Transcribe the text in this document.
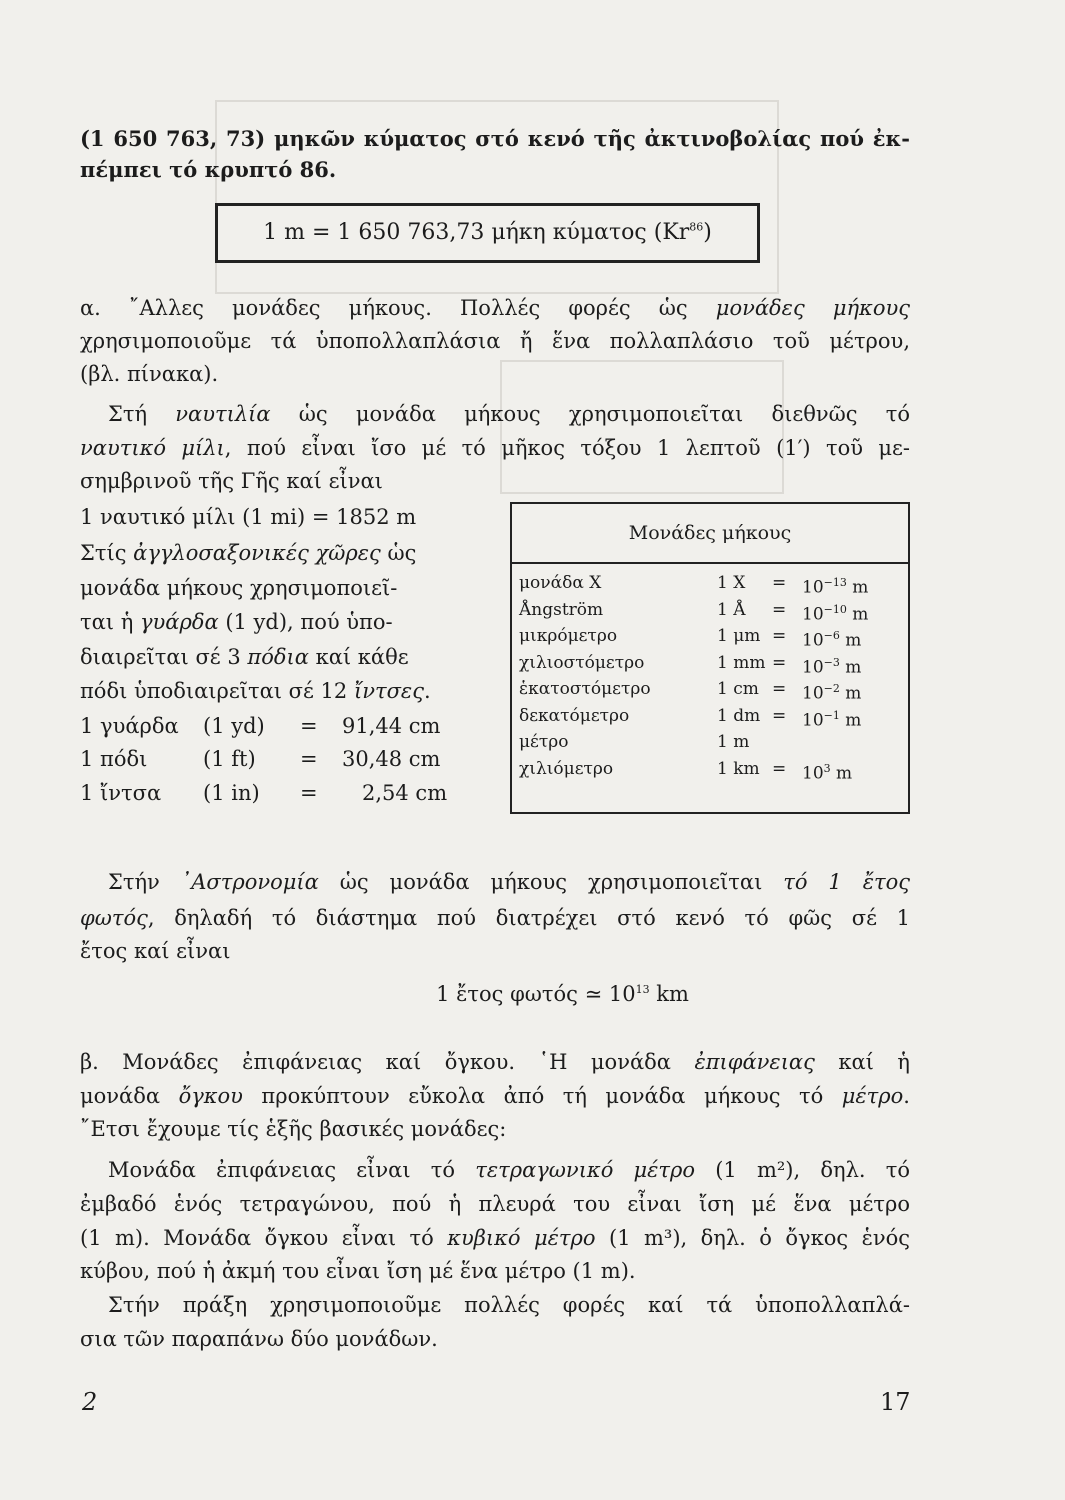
(1 650 763, 73) μηκῶν κύματος στό κενό τῆς ἀκτινοβολίας πού ἐκ-
πέμπει τό κρυπτό 86.
1 m = 1 650 763,73 μήκη κύματος (Kr$^{86}$)
α. ῎Αλλες μονάδες μήκους. Πολλές φορές ὡς μονάδες μήκους
χρησιμοποιοῦμε τά ὑποπολλαπλάσια ἤ ἕνα πολλαπλάσιο τοῦ μέτρου,
(βλ. πίνακα).
Στή ναυτιλία ὡς μονάδα μήκους χρησιμοποιεῖται διεθνῶς τό
ναυτικό μίλι, πού εἶναι ἴσο μέ τό μῆκος τόξου 1 λεπτοῦ (1′) τοῦ με-
σημβρινοῦ τῆς Γῆς καί εἶναι
1 ναυτικό μίλι (1 mi) = 1852 m
Στίς ἀγγλοσαξονικές χῶρες ὡς
μονάδα μήκους χρησιμοποιεῖ-
ται ἡ γυάρδα (1 yd), πού ὑπο-
διαιρεῖται σέ 3 πόδια καί κάθε
πόδι ὑποδιαιρεῖται σέ 12 ἴντσες.
1 γυάρδα (1 yd) = 91,44 cm
1 πόδι	(1 ft) = 30,48 cm
1 ἴντσα (1 in) = 2,54 cm
Μονάδες μήκους
μονάδα X	1 $X = 10^{-13}$ m
Ångström	1 Å = $10^{-10}$ m
μικρόμετρο	1 $\mu m = 10^{-6}$ m
χιλιοστόμετρο	1 mm = $10^{-3}$ m
ἑκατοστόμετρο	1 cm = $10^{-2}$ m
δεκατόμετρο	1 dm = $10^{-1}$ m
μέτρο	1 m
χιλιόμετρο	1 km = $10^3$ m
Στήν ᾿Αστρονομία ὡς μονάδα μήκους χρησιμοποιεῖται τό 1 ἔτος
φωτός, δηλαδή τό διάστημα πού διατρέχει στό κενό τό φῶς σέ 1
ἔτος καί εἶναι
1 ἔτος φωτός ≃ $10^{13}$ km
β. Μονάδες ἐπιφάνειας καί ὄγκου. ῾Η μονάδα ἐπιφάνειας καί ἡ
μονάδα ὄγκου προκύπτουν εὔκολα ἀπό τή μονάδα μήκους τό μέτρο.
῎Ετσι ἔχουμε τίς ἑξῆς βασικές μονάδες:
Μονάδα ἐπιφάνειας εἶναι τό τετραγωνικό μέτρο (1 m²), δηλ. τό
ἐμβαδό ἑνός τετραγώνου, πού ἡ πλευρά του εἶναι ἴση μέ ἕνα μέτρο
(1 m). Μονάδα ὄγκου εἶναι τό κυβικό μέτρο (1 m³), δηλ. ὁ ὄγκος ἑνός
κύβου, πού ἡ ἀκμή του εἶναι ἴση μέ ἕνα μέτρο (1 m).
Στήν πράξη χρησιμοποιοῦμε πολλές φορές καί τά ὑποπολλαπλά-
σια τῶν παραπάνω δύο μονάδων.
2	17
